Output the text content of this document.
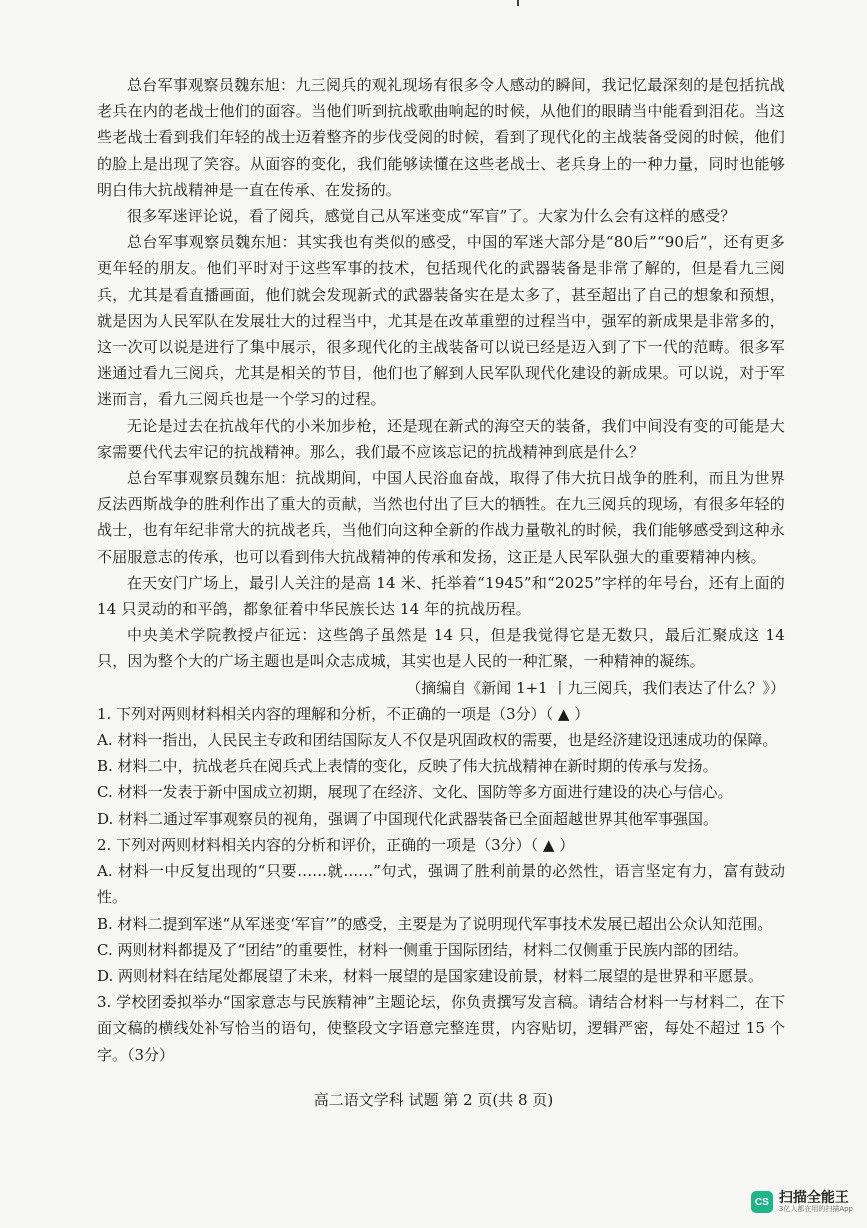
总台军事观察员魏东旭：九三阅兵的观礼现场有很多令人感动的瞬间，我记忆最深刻的是包括抗战老兵在内的老战士他们的面容。当他们听到抗战歌曲响起的时候，从他们的眼睛当中能看到泪花。当这些老战士看到我们年轻的战士迈着整齐的步伐受阅的时候，看到了现代化的主战装备受阅的时候，他们的脸上是出现了笑容。从面容的变化，我们能够读懂在这些老战士、老兵身上的一种力量，同时也能够明白伟大抗战精神是一直在传承、在发扬的。

很多军迷评论说，看了阅兵，感觉自己从军迷变成“军盲”了。大家为什么会有这样的感受？

总台军事观察员魏东旭：其实我也有类似的感受，中国的军迷大部分是“80后”“90后”，还有更多更年轻的朋友。他们平时对于这些军事的技术，包括现代化的武器装备是非常了解的，但是看九三阅兵，尤其是看直播画面，他们就会发现新式的武器装备实在是太多了，甚至超出了自己的想象和预想，就是因为人民军队在发展壮大的过程当中，尤其是在改革重塑的过程当中，强军的新成果是非常多的，这一次可以说是进行了集中展示，很多现代化的主战装备可以说已经是迈入到了下一代的范畴。很多军迷通过看九三阅兵，尤其是相关的节目，他们也了解到人民军队现代化建设的新成果。可以说，对于军迷而言，看九三阅兵也是一个学习的过程。

无论是过去在抗战年代的小米加步枪，还是现在新式的海空天的装备，我们中间没有变的可能是大家需要代代去牢记的抗战精神。那么，我们最不应该忘记的抗战精神到底是什么？

总台军事观察员魏东旭：抗战期间，中国人民浴血奋战，取得了伟大抗日战争的胜利，而且为世界反法西斯战争的胜利作出了重大的贡献，当然也付出了巨大的牺牲。在九三阅兵的现场，有很多年轻的战士，也有年纪非常大的抗战老兵，当他们向这种全新的作战力量敬礼的时候，我们能够感受到这种永不屈服意志的传承，也可以看到伟大抗战精神的传承和发扬，这正是人民军队强大的重要精神内核。

在天安门广场上，最引人关注的是高 14 米、托举着“1945”和“2025”字样的年号台，还有上面的 14 只灵动的和平鸽，都象征着中华民族长达 14 年的抗战历程。

中央美术学院教授卢征远：这些鸽子虽然是 14 只，但是我觉得它是无数只，最后汇聚成这 14 只，因为整个大的广场主题也是叫众志成城，其实也是人民的一种汇聚，一种精神的凝练。

（摘编自《新闻 1+1 丨九三阅兵，我们表达了什么？》）

1. 下列对两则材料相关内容的理解和分析，不正确的一项是（3分）（ ▲ ）

A. 材料一指出，人民民主专政和团结国际友人不仅是巩固政权的需要，也是经济建设迅速成功的保障。

B. 材料二中，抗战老兵在阅兵式上表情的变化，反映了伟大抗战精神在新时期的传承与发扬。

C. 材料一发表于新中国成立初期，展现了在经济、文化、国防等多方面进行建设的决心与信心。

D. 材料二通过军事观察员的视角，强调了中国现代化武器装备已全面超越世界其他军事强国。

2. 下列对两则材料相关内容的分析和评价，正确的一项是（3分）（ ▲ ）

A. 材料一中反复出现的“只要……就……”句式，强调了胜利前景的必然性，语言坚定有力，富有鼓动性。

B. 材料二提到军迷“从军迷变‘军盲’”的感受，主要是为了说明现代军事技术发展已超出公众认知范围。

C. 两则材料都提及了“团结”的重要性，材料一侧重于国际团结，材料二仅侧重于民族内部的团结。

D. 两则材料在结尾处都展望了未来，材料一展望的是国家建设前景，材料二展望的是世界和平愿景。

3. 学校团委拟举办“国家意志与民族精神”主题论坛，你负责撰写发言稿。请结合材料一与材料二，在下面文稿的横线处补写恰当的语句，使整段文字语意完整连贯，内容贴切，逻辑严密，每处不超过 15 个字。（3分）

高二语文学科 试题 第 2 页(共 8 页)
CS 扫描全能王
3亿人都在用的扫描App
